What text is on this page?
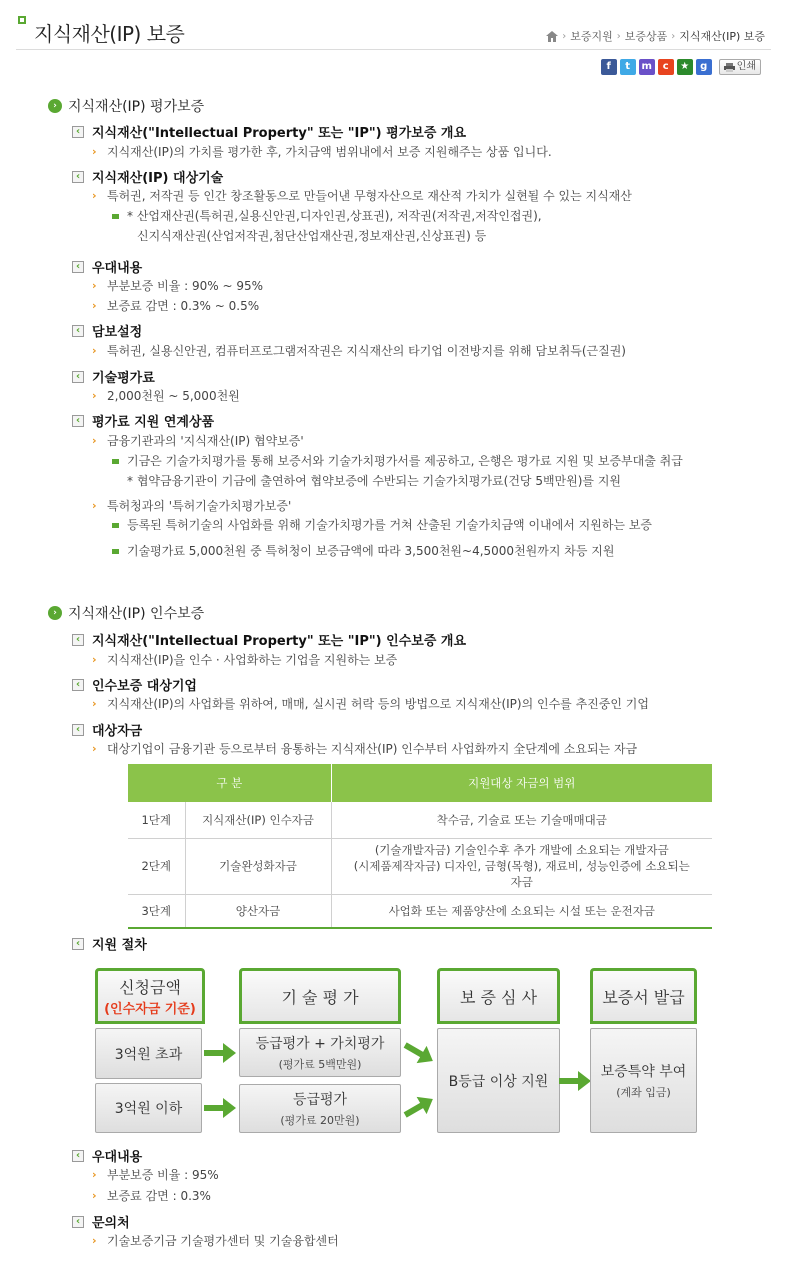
지식재산(IP) 보증	› 보증지원 › 보증상품 › 지식재산(IP) 보증
f	t	m	c	★	g	인쇄
› 지식재산(IP) 평가보증
‹ 지식재산("Intellectual Property" 또는 "IP") 평가보증 개요
› 지식재산(IP)의 가치를 평가한 후, 가치금액 범위내에서 보증 지원해주는 상품 입니다.
‹ 지식재산(IP) 대상기술
› 특허권, 저작권 등 인간 창조활동으로 만들어낸 무형자산으로 재산적 가치가 실현될 수 있는 지식재산
* 산업재산권(특허권,실용신안권,디자인권,상표권), 저작권(저작권,저작인접권),
신지식재산권(산업저작권,첨단산업재산권,정보재산권,신상표권) 등
‹ 우대내용
› 부분보증 비율 : 90% ~ 95%
› 보증료 감면 : 0.3% ~ 0.5%
‹ 담보설정
› 특허권, 실용신안권, 컴퓨터프로그램저작권은 지식재산의 타기업 이전방지를 위해 담보취득(근질권)
‹ 기술평가료
› 2,000천원 ~ 5,000천원
‹ 평가료 지원 연계상품
› 금융기관과의 '지식재산(IP) 협약보증'
기금은 기술가치평가를 통해 보증서와 기술가치평가서를 제공하고, 은행은 평가료 지원 및 보증부대출 취급
* 협약금융기관이 기금에 출연하여 협약보증에 수반되는 기술가치평가료(건당 5백만원)를 지원
› 특허청과의 '특허기술가치평가보증'
등록된 특허기술의 사업화를 위해 기술가치평가를 거쳐 산출된 기술가치금액 이내에서 지원하는 보증
기술평가료 5,000천원 중 특허청이 보증금액에 따라 3,500천원~4,5000천원까지 차등 지원
› 지식재산(IP) 인수보증
‹ 지식재산("Intellectual Property" 또는 "IP") 인수보증 개요
› 지식재산(IP)을 인수 · 사업화하는 기업을 지원하는 보증
‹ 인수보증 대상기업
› 지식재산(IP)의 사업화를 위하여, 매매, 실시권 허락 등의 방법으로 지식재산(IP)의 인수를 추진중인 기업
‹ 대상자금
› 대상기업이 금융기관 등으로부터 융통하는 지식재산(IP) 인수부터 사업화까지 全단계에 소요되는 자금
구 분		지원대상 자금의 범위
1단계	지식재산(IP) 인수자금	착수금, 기술료 또는 기술매매대금
2단계	기술완성화자금	(기술개발자금) 기술인수후 추가 개발에 소요되는 개발자금
(시제품제작자금) 디자인, 금형(목형), 재료비, 성능인증에 소요되는
자금

3단계	양산자금	사업화 또는 제품양산에 소요되는 시설 또는 운전자금
‹ 지원 절차
신청금액
(인수자금 기준)
기 술 평 가	보 증 심 사	보증서 발급
3억원 초과
3억원 이하
등급평가 + 가치평가
(평가료 5백만원)
등급평가
(평가료 20만원)
B등급 이상 지원
보증특약 부여
(계좌 입금)
‹ 우대내용
› 부분보증 비율 : 95%
› 보증료 감면 : 0.3%
‹ 문의처
› 기술보증기금 기술평가센터 및 기술융합센터
